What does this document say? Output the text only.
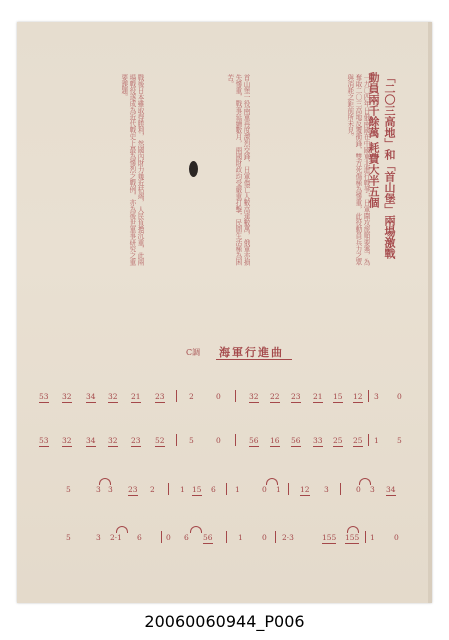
「二〇三高地」和「首山堡」兩場激戰
動員兩千餘萬 耗費大半五個
一九〇四年日俄兩國在中國東北進行戰爭，日軍圍攻旅順要塞，為奪取二〇三高地反覆衝鋒，雙方死傷極為慘重，此役動員兵力之眾與消耗之鉅前所未見。
首山堡一役兩軍再度激烈交鋒，日軍傷亡人數高達數萬，俄軍亦損失慘重，戰事延續數月，兩國財政均受嚴重打擊，民間生活極為困苦。
戰後日本雖取得勝利，然國內財力幾近枯竭，人民負擔沉重，此兩場戰役遂成為近代戰史上最為慘烈之戰例，亦為後世軍事研究之重要課題。
C調 海軍行進曲
53 32 34 32 21 23	2	0	32 22 23 21 15 12 3 0
53 32 34 32 23 52	5	0	56 16 56 33 25 25 1 5
5	3 3 23 2	1 15 6	1	0 1	12 3	0 3 34
5	3 2·1 6	0 6 56	1	0 2·3	155 155 1	0
20060060944_P006
